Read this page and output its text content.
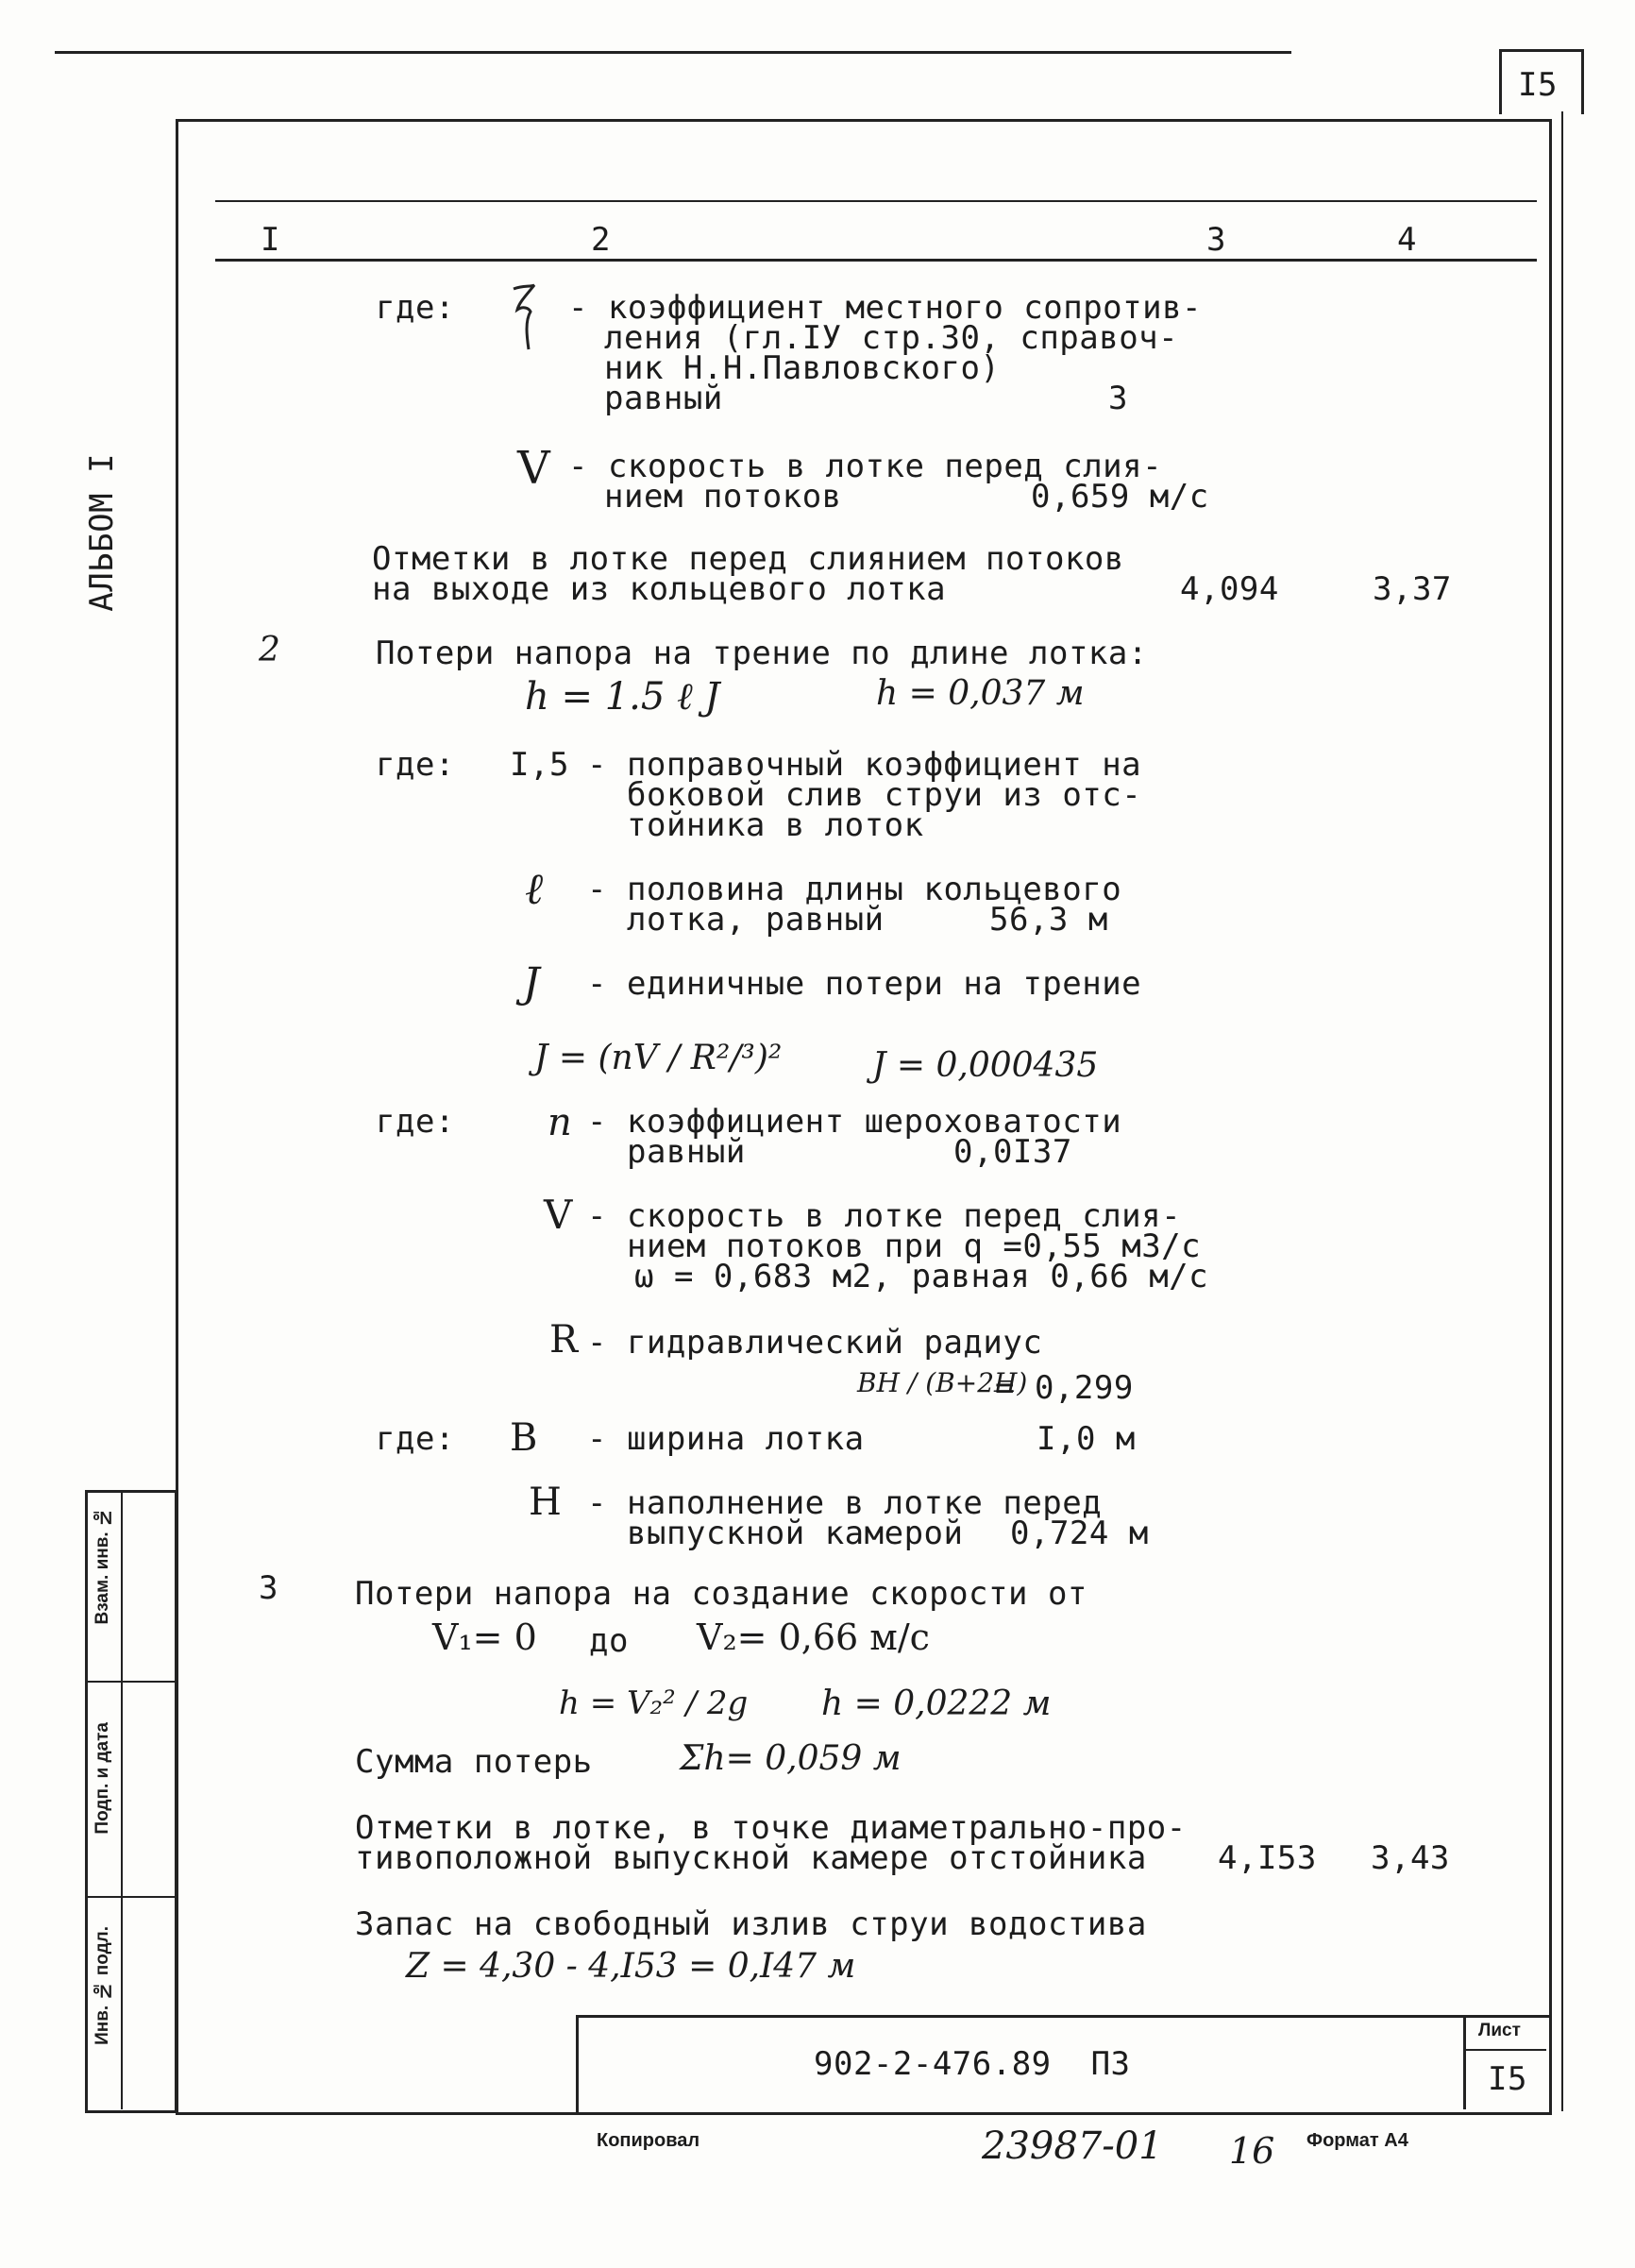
I5
АЛЬБОМ I
I	2	3	4
где:	- коэффициент местного сопротив-
ления (гл.IУ стр.30, справоч-
ник Н.Н.Павловского)
равный	3
V - скорость в лотке перед слия-
нием потоков	0,659 м/с
Отметки в лотке перед слиянием потоков
на выходе из кольцевого лотка	4,094	3,37
2	Потери напора на трение по длине лотка:
h = 1.5 ℓ J	h = 0,037 м
где: I,5 - поправочный коэффициент на
боковой слив струи из отс-
тойника в лоток
ℓ - половина длины кольцевого
лотка, равный	56,3 м
J - единичные потери на трение
J = (nV / R²/³)²	J = 0,000435
где: n - коэффициент шероховатости
равный	0,0I37
V - скорость в лотке перед слия-
нием потоков при q =0,55 м3/с
ω = 0,683 м2, равная 0,66 м/с
R - гидравлический радиус
BH / (B+2H)
= 0,299
где: B - ширина лотка	I,0 м
H - наполнение в лотке перед
выпускной камерой 0,724 м
3 Потери напора на создание скорости от
V₁= 0 до V₂= 0,66 м/с
h = V₂² / 2g h = 0,0222 м
Сумма потерь	Σh= 0,059 м
Отметки в лотке, в точке диаметрально-про-
тивоположной выпускной камере отстойника 4,I53 3,43
Запас на свободный излив струи водостива
Z = 4,30 - 4,I53 = 0,I47 м
902-2-476.89  ПЗ
Лист
I5
Инв. № подл.
Подп. и дата
Взам. инв. №
Копировал	23987-01 16 Формат А4
